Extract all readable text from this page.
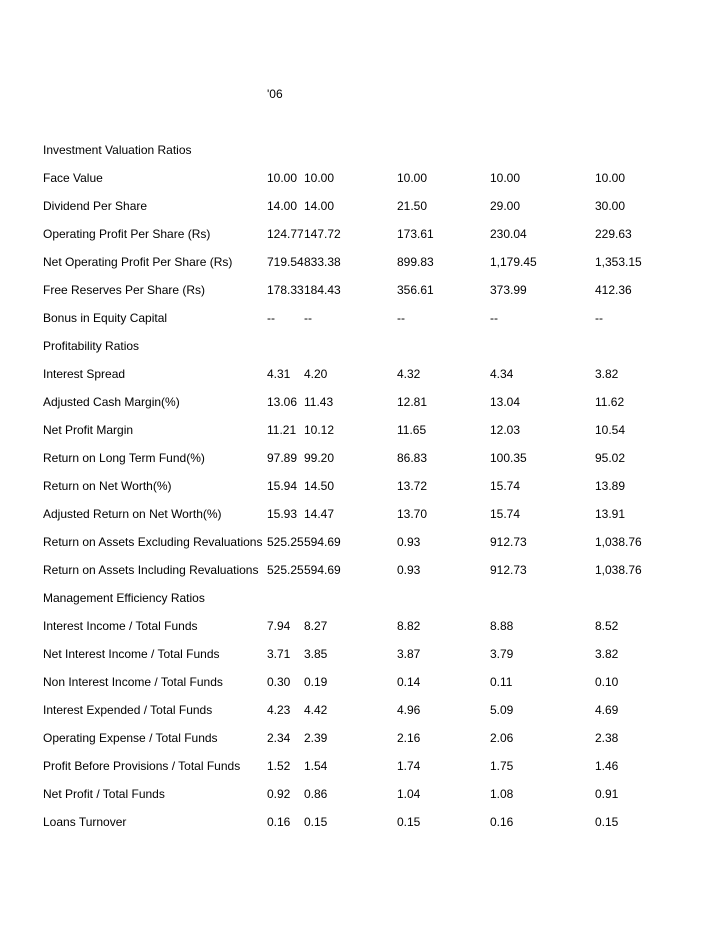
'06
Investment Valuation Ratios
Face Value	10.00 10.00	10.00	10.00	10.00
Dividend Per Share	14.00 14.00	21.50	29.00	30.00
Operating Profit Per Share (Rs)	124.77 147.72	173.61	230.04	229.63
Net Operating Profit Per Share (Rs)	719.54 833.38	899.83	1,179.45	1,353.15
Free Reserves Per Share (Rs)	178.33 184.43	356.61	373.99	412.36
Bonus in Equity Capital	-- --	--	--	--
Profitability Ratios
Interest Spread	4.31 4.20	4.32	4.34	3.82
Adjusted Cash Margin(%)	13.06 11.43	12.81	13.04	11.62
Net Profit Margin	11.21 10.12	11.65	12.03	10.54
Return on Long Term Fund(%)	97.89 99.20	86.83	100.35	95.02
Return on Net Worth(%)	15.94 14.50	13.72	15.74	13.89
Adjusted Return on Net Worth(%)	15.93 14.47	13.70	15.74	13.91
Return on Assets Excluding Revaluations 525.25 594.69	0.93	912.73	1,038.76
Return on Assets Including Revaluations 525.25 594.69	0.93	912.73	1,038.76
Management Efficiency Ratios
Interest Income / Total Funds	7.94 8.27	8.82	8.88	8.52
Net Interest Income / Total Funds	3.71 3.85	3.87	3.79	3.82
Non Interest Income / Total Funds	0.30 0.19	0.14	0.11	0.10
Interest Expended / Total Funds	4.23 4.42	4.96	5.09	4.69
Operating Expense / Total Funds	2.34 2.39	2.16	2.06	2.38
Profit Before Provisions / Total Funds 1.52 1.54	1.74	1.75	1.46
Net Profit / Total Funds	0.92 0.86	1.04	1.08	0.91
Loans Turnover	0.16 0.15	0.15	0.16	0.15
